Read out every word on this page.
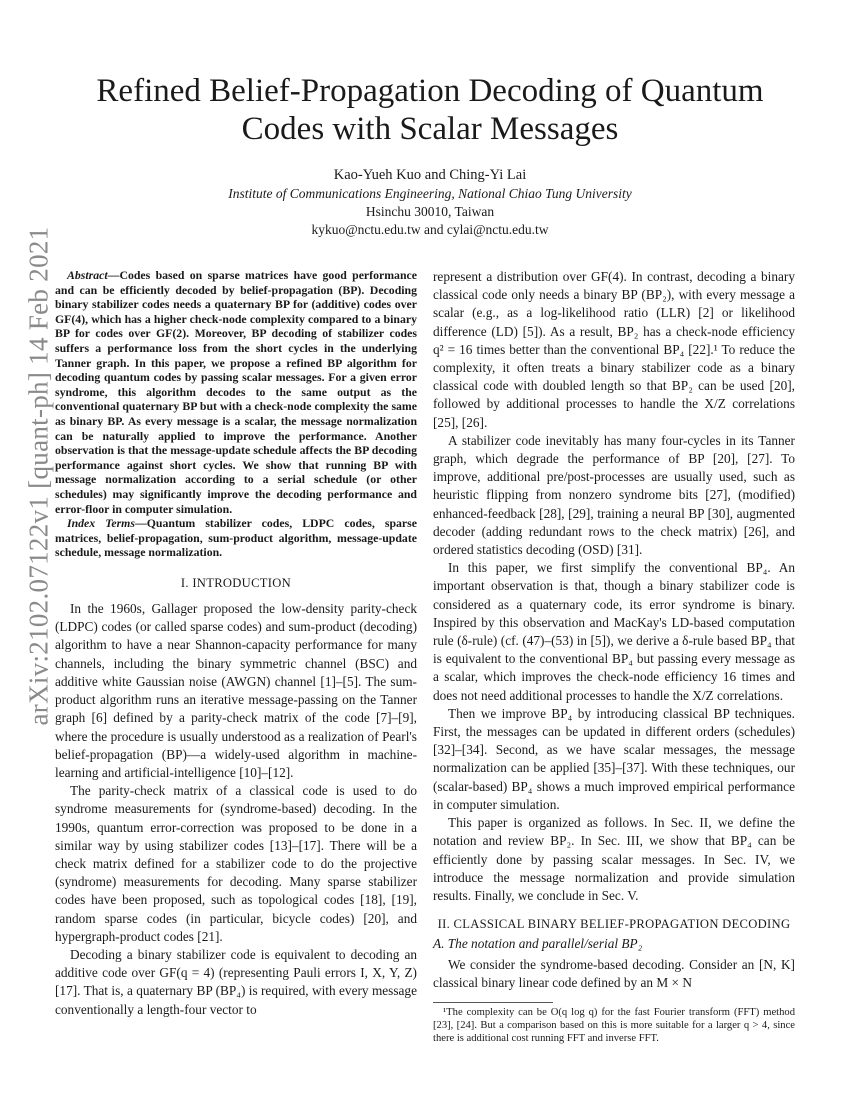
arXiv:2102.07122v1 [quant-ph] 14 Feb 2021
Refined Belief-Propagation Decoding of Quantum Codes with Scalar Messages
Kao-Yueh Kuo and Ching-Yi Lai
Institute of Communications Engineering, National Chiao Tung University
Hsinchu 30010, Taiwan
kykuo@nctu.edu.tw and cylai@nctu.edu.tw

Abstract—Codes based on sparse matrices have good performance and can be efficiently decoded by belief-propagation (BP). Decoding binary stabilizer codes needs a quaternary BP for (additive) codes over GF(4), which has a higher check-node complexity compared to a binary BP for codes over GF(2). Moreover, BP decoding of stabilizer codes suffers a performance loss from the short cycles in the underlying Tanner graph. In this paper, we propose a refined BP algorithm for decoding quantum codes by passing scalar messages. For a given error syndrome, this algorithm decodes to the same output as the conventional quaternary BP but with a check-node complexity the same as binary BP. As every message is a scalar, the message normalization can be naturally applied to improve the performance. Another observation is that the message-update schedule affects the BP decoding performance against short cycles. We show that running BP with message normalization according to a serial schedule (or other schedules) may significantly improve the decoding performance and error-floor in computer simulation.

Index Terms—Quantum stabilizer codes, LDPC codes, sparse matrices, belief-propagation, sum-product algorithm, message-update schedule, message normalization.

I. INTRODUCTION

In the 1960s, Gallager proposed the low-density parity-check (LDPC) codes (or called sparse codes) and sum-product (decoding) algorithm to have a near Shannon-capacity performance for many channels, including the binary symmetric channel (BSC) and additive white Gaussian noise (AWGN) channel [1]–[5]. The sum-product algorithm runs an iterative message-passing on the Tanner graph [6] defined by a parity-check matrix of the code [7]–[9], where the procedure is usually understood as a realization of Pearl's belief-propagation (BP)—a widely-used algorithm in machine-learning and artificial-intelligence [10]–[12].

The parity-check matrix of a classical code is used to do syndrome measurements for (syndrome-based) decoding. In the 1990s, quantum error-correction was proposed to be done in a similar way by using stabilizer codes [13]–[17]. There will be a check matrix defined for a stabilizer code to do the projective (syndrome) measurements for decoding. Many sparse stabilizer codes have been proposed, such as topological codes [18], [19], random sparse codes (in particular, bicycle codes) [20], and hypergraph-product codes [21].

Decoding a binary stabilizer code is equivalent to decoding an additive code over GF(q = 4) (representing Pauli errors I, X, Y, Z) [17]. That is, a quaternary BP (BP₄) is required, with every message conventionally a length-four vector to

represent a distribution over GF(4). In contrast, decoding a binary classical code only needs a binary BP (BP₂), with every message a scalar (e.g., as a log-likelihood ratio (LLR) [2] or likelihood difference (LD) [5]). As a result, BP₂ has a check-node efficiency q² = 16 times better than the conventional BP₄ [22].¹ To reduce the complexity, it often treats a binary stabilizer code as a binary classical code with doubled length so that BP₂ can be used [20], followed by additional processes to handle the X/Z correlations [25], [26].

A stabilizer code inevitably has many four-cycles in its Tanner graph, which degrade the performance of BP [20], [27]. To improve, additional pre/post-processes are usually used, such as heuristic flipping from nonzero syndrome bits [27], (modified) enhanced-feedback [28], [29], training a neural BP [30], augmented decoder (adding redundant rows to the check matrix) [26], and ordered statistics decoding (OSD) [31].

In this paper, we first simplify the conventional BP₄. An important observation is that, though a binary stabilizer code is considered as a quaternary code, its error syndrome is binary. Inspired by this observation and MacKay's LD-based computation rule (δ-rule) (cf. (47)–(53) in [5]), we derive a δ-rule based BP₄ that is equivalent to the conventional BP₄ but passing every message as a scalar, which improves the check-node efficiency 16 times and does not need additional processes to handle the X/Z correlations.

Then we improve BP₄ by introducing classical BP techniques. First, the messages can be updated in different orders (schedules) [32]–[34]. Second, as we have scalar messages, the message normalization can be applied [35]–[37]. With these techniques, our (scalar-based) BP₄ shows a much improved empirical performance in computer simulation.

This paper is organized as follows. In Sec. II, we define the notation and review BP₂. In Sec. III, we show that BP₄ can be efficiently done by passing scalar messages. In Sec. IV, we introduce the message normalization and provide simulation results. Finally, we conclude in Sec. V.

II. CLASSICAL BINARY BELIEF-PROPAGATION DECODING
A. The notation and parallel/serial BP₂

We consider the syndrome-based decoding. Consider an [N, K] classical binary linear code defined by an M × N

¹The complexity can be O(q log q) for the fast Fourier transform (FFT) method [23], [24]. But a comparison based on this is more suitable for a larger q > 4, since there is additional cost running FFT and inverse FFT.
